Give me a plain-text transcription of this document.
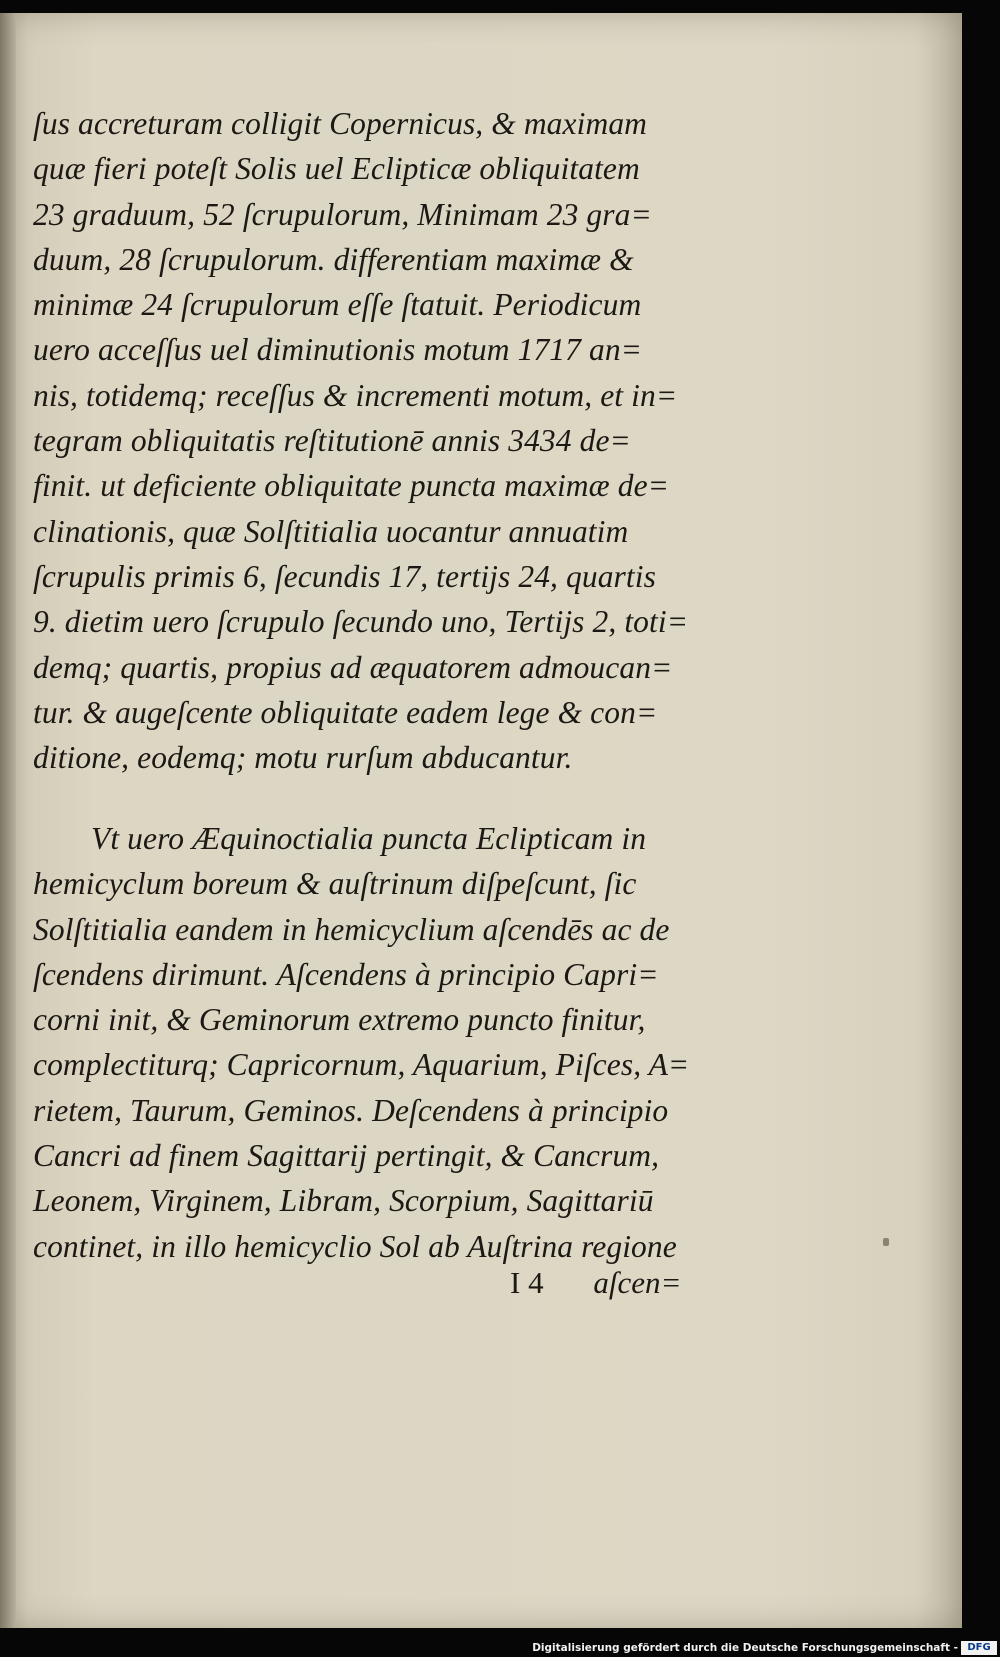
ſus accreturam colligit Copernicus, & maximam
quæ fieri poteſt Solis uel Eclipticæ obliquitatem
23 graduum, 52 ſcrupulorum, Minimam 23 gra=
duum, 28 ſcrupulorum. differentiam maximæ &
minimæ 24 ſcrupulorum eſſe ſtatuit. Periodicum
uero acceſſus uel diminutionis motum 1717 an=
nis, totidemq; receſſus & incrementi motum, et in=
tegram obliquitatis reſtitutionē annis 3434 de=
finit. ut deficiente obliquitate puncta maximæ de=
clinationis, quæ Solſtitialia uocantur annuatim
ſcrupulis primis 6, ſecundis 17, tertijs 24, quartis
9. dietim uero ſcrupulo ſecundo uno, Tertijs 2, toti=
demq; quartis, propius ad æquatorem admoucan=
tur. & augeſcente obliquitate eadem lege & con=
ditione, eodemq; motu rurſum abducantur.
Vt uero Æquinoctialia puncta Eclipticam in
hemicyclum boreum & auſtrinum diſpeſcunt, ſic
Solſtitialia eandem in hemicyclium aſcendēs ac de
ſcendens dirimunt. Aſcendens à principio Capri=
corni init, & Geminorum extremo puncto finitur,
complectiturq; Capricornum, Aquarium, Piſces, A=
rietem, Taurum, Geminos. Deſcendens à principio
Cancri ad finem Sagittarij pertingit, & Cancrum,
Leonem, Virginem, Libram, Scorpium, Sagittariū
continet, in illo hemicyclio Sol ab Auſtrina regione
I 4 aſcen=
Digitalisierung gefördert durch die Deutsche Forschungsgemeinschaft - DFG
